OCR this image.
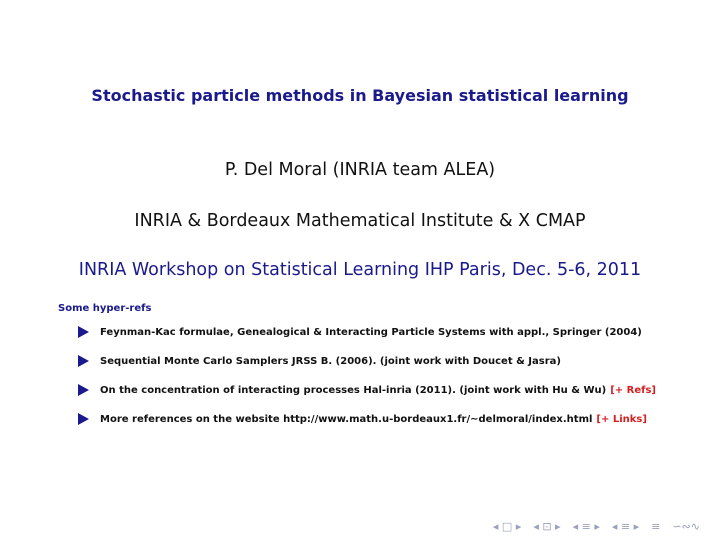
Stochastic particle methods in Bayesian statistical learning
P. Del Moral (INRIA team ALEA)
INRIA & Bordeaux Mathematical Institute & X CMAP
INRIA Workshop on Statistical Learning IHP Paris, Dec. 5-6, 2011
Some hyper-refs
Feynman-Kac formulae, Genealogical & Interacting Particle Systems with appl., Springer (2004)
Sequential Monte Carlo Samplers JRSS B. (2006). (joint work with Doucet & Jasra)
On the concentration of interacting processes Hal-inria (2011). (joint work with Hu & Wu) [+ Refs]
More references on the website http://www.math.u-bordeaux1.fr/∼delmoral/index.html [+ Links]
◂ □ ▸ ◂ ⊡ ▸ ◂ ≡ ▸ ◂ ≡ ▸ ≡ ∽∾∿
